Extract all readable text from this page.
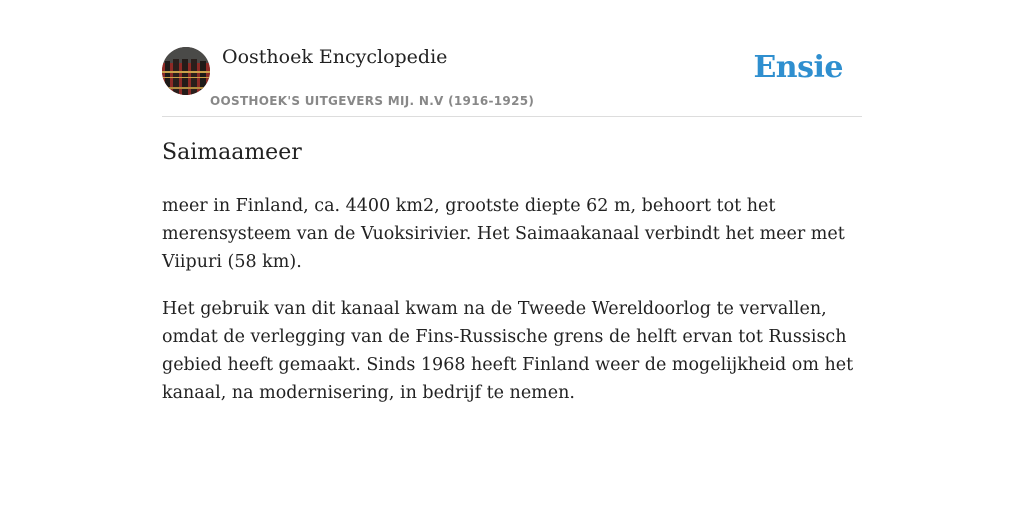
Oosthoek Encyclopedie
OOSTHOEK'S UITGEVERS MIJ. N.V (1916-1925)
Ensie
Saimaameer

meer in Finland, ca. 4400 km2, grootste diepte 62 m, behoort tot het merensysteem van de Vuoksirivier. Het Saimaakanaal verbindt het meer met Viipuri (58 km).

Het gebruik van dit kanaal kwam na de Tweede Wereldoorlog te vervallen, omdat de verlegging van de Fins-Russische grens de helft ervan tot Russisch gebied heeft gemaakt. Sinds 1968 heeft Finland weer de mogelijkheid om het kanaal, na modernisering, in bedrijf te nemen.
